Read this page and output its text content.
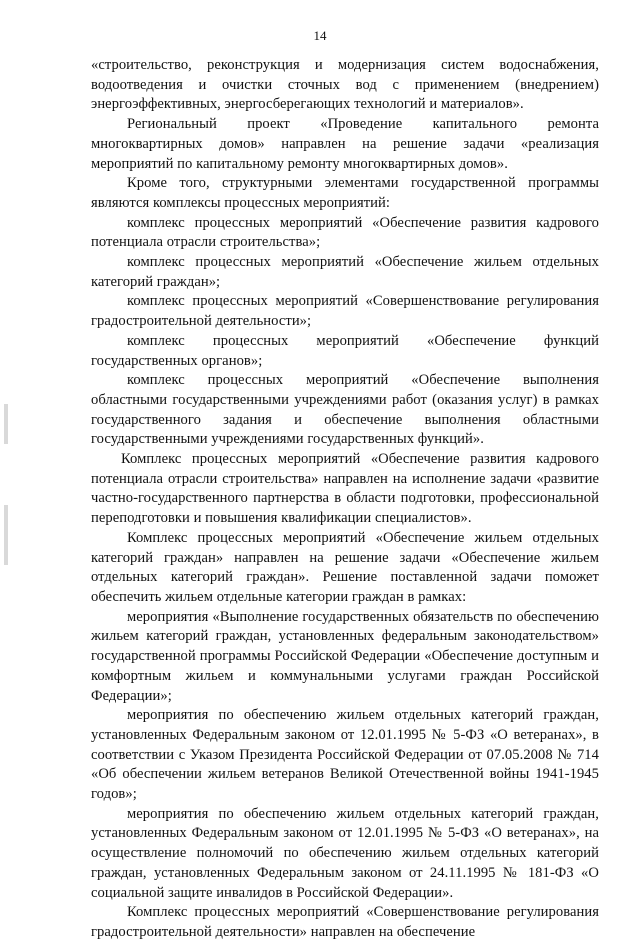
14

«строительство, реконструкция и модернизация систем водоснабжения, водоотведения и очистки сточных вод с применением (внедрением) энергоэффективных, энергосберегающих технологий и материалов».

Региональный проект «Проведение капитального ремонта многоквартирных домов» направлен на решение задачи «реализация мероприятий по капитальному ремонту многоквартирных домов».

Кроме того, структурными элементами государственной программы являются комплексы процессных мероприятий:

комплекс процессных мероприятий «Обеспечение развития кадрового потенциала отрасли строительства»;

комплекс процессных мероприятий «Обеспечение жильем отдельных категорий граждан»;

комплекс процессных мероприятий «Совершенствование регулирования градостроительной деятельности»;

комплекс процессных мероприятий «Обеспечение функций государственных органов»;

комплекс процессных мероприятий «Обеспечение выполнения областными государственными учреждениями работ (оказания услуг) в рамках государственного задания и обеспечение выполнения областными государственными учреждениями государственных функций».

Комплекс процессных мероприятий «Обеспечение развития кадрового потенциала отрасли строительства» направлен на исполнение задачи «развитие частно-государственного партнерства в области подготовки, профессиональной переподготовки и повышения квалификации специалистов».

Комплекс процессных мероприятий «Обеспечение жильем отдельных категорий граждан» направлен на решение задачи «Обеспечение жильем отдельных категорий граждан». Решение поставленной задачи поможет обеспечить жильем отдельные категории граждан в рамках:

мероприятия «Выполнение государственных обязательств по обеспечению жильем категорий граждан, установленных федеральным законодательством» государственной программы Российской Федерации «Обеспечение доступным и комфортным жильем и коммунальными услугами граждан Российской Федерации»;

мероприятия по обеспечению жильем отдельных категорий граждан, установленных Федеральным законом от 12.01.1995 № 5-ФЗ «О ветеранах», в соответствии с Указом Президента Российской Федерации от 07.05.2008 № 714 «Об обеспечении жильем ветеранов Великой Отечественной войны 1941-1945 годов»;

мероприятия по обеспечению жильем отдельных категорий граждан, установленных Федеральным законом от 12.01.1995 № 5-ФЗ «О ветеранах», на осуществление полномочий по обеспечению жильем отдельных категорий граждан, установленных Федеральным законом от 24.11.1995 № 181-ФЗ «О социальной защите инвалидов в Российской Федерации».

Комплекс процессных мероприятий «Совершенствование регулирования градостроительной деятельности» направлен на обеспечение
